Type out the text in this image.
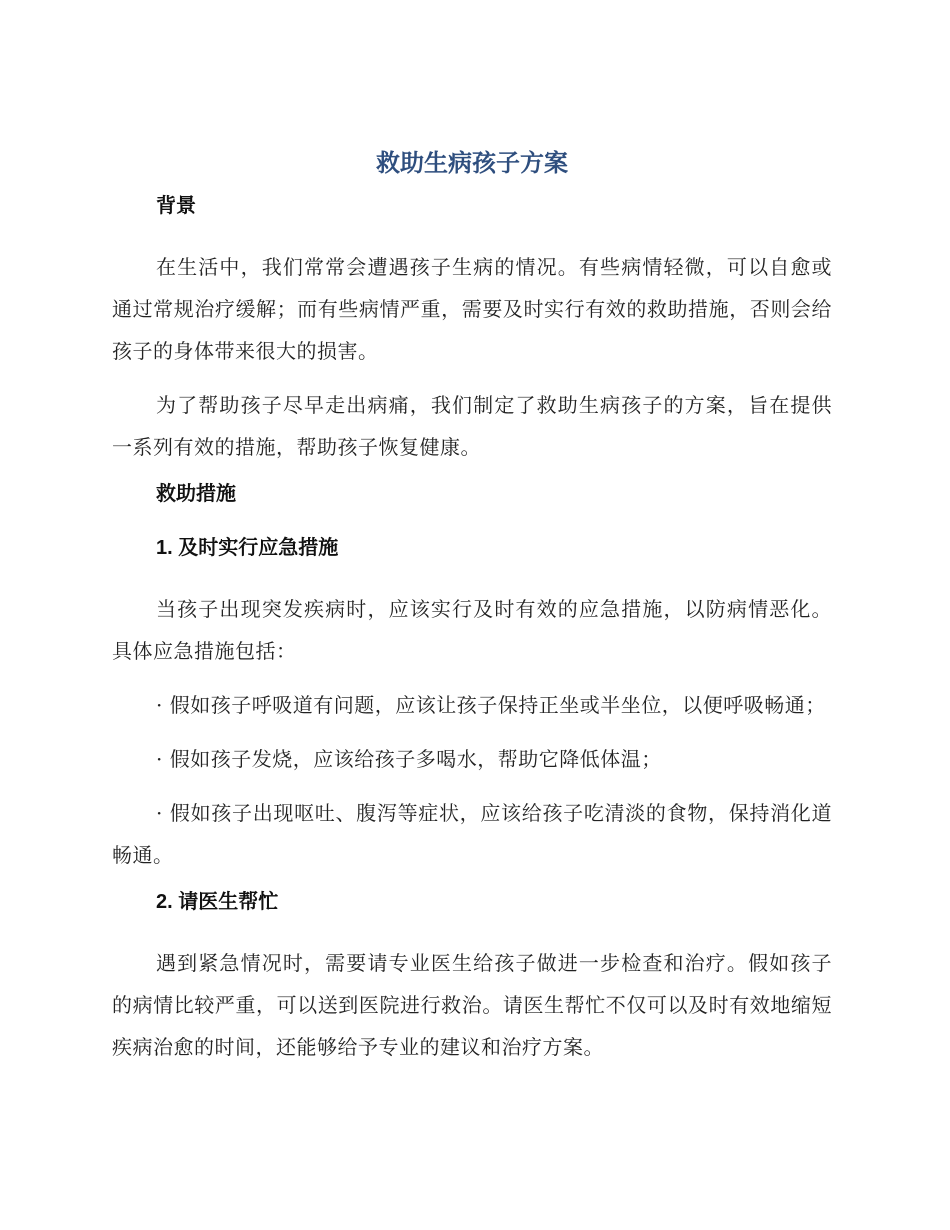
救助生病孩子方案
背景

在生活中，我们常常会遭遇孩子生病的情况。有些病情轻微，可以自愈或通过常规治疗缓解；而有些病情严重，需要及时实行有效的救助措施，否则会给孩子的身体带来很大的损害。

为了帮助孩子尽早走出病痛，我们制定了救助生病孩子的方案，旨在提供一系列有效的措施，帮助孩子恢复健康。

救助措施
1. 及时实行应急措施

当孩子出现突发疾病时，应该实行及时有效的应急措施，以防病情恶化。具体应急措施包括：

· 假如孩子呼吸道有问题，应该让孩子保持正坐或半坐位，以便呼吸畅通；

· 假如孩子发烧，应该给孩子多喝水，帮助它降低体温；

· 假如孩子出现呕吐、腹泻等症状，应该给孩子吃清淡的食物，保持消化道畅通。

2. 请医生帮忙

遇到紧急情况时，需要请专业医生给孩子做进一步检查和治疗。假如孩子的病情比较严重，可以送到医院进行救治。请医生帮忙不仅可以及时有效地缩短疾病治愈的时间，还能够给予专业的建议和治疗方案。
